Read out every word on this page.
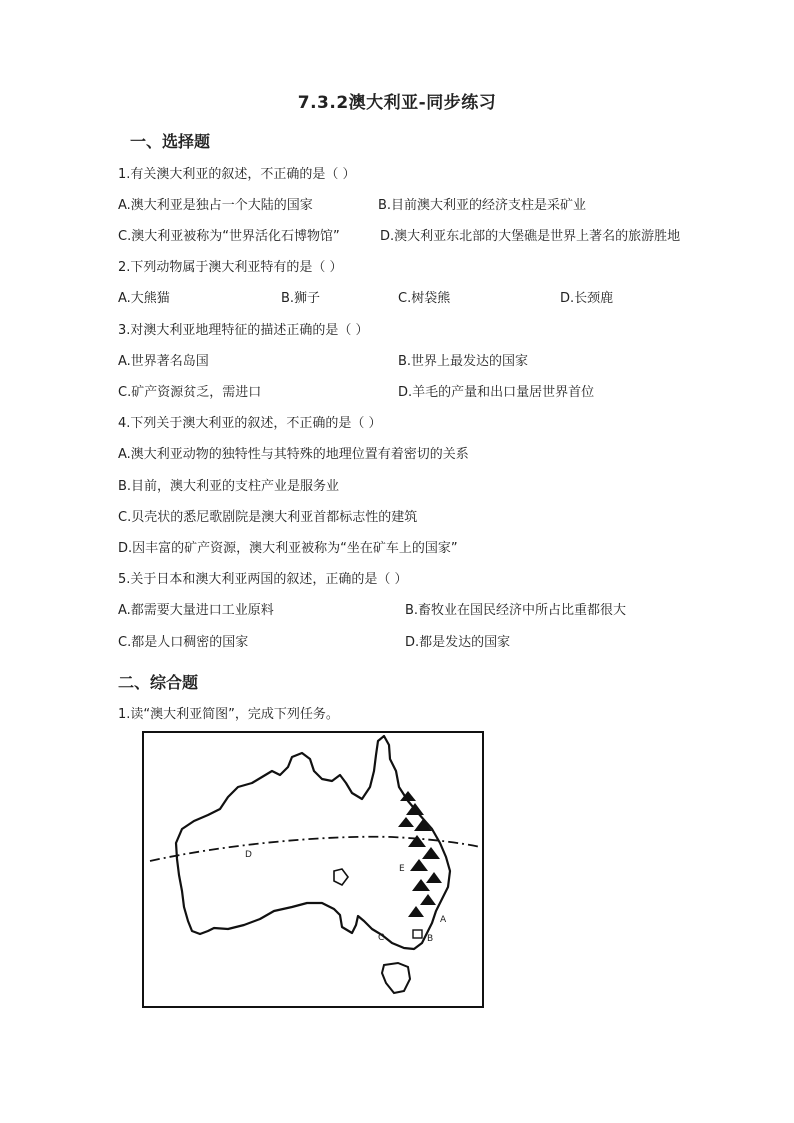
7.3.2澳大利亚-同步练习
一、选择题
1.有关澳大利亚的叙述，不正确的是（ ）
A.澳大利亚是独占一个大陆的国家	B.目前澳大利亚的经济支柱是采矿业
C.澳大利亚被称为“世界活化石博物馆”	D.澳大利亚东北部的大堡礁是世界上著名的旅游胜地
2.下列动物属于澳大利亚特有的是（ ）
A.大熊猫	B.狮子	C.树袋熊	D.长颈鹿
3.对澳大利亚地理特征的描述正确的是（ ）
A.世界著名岛国	B.世界上最发达的国家
C.矿产资源贫乏，需进口	D.羊毛的产量和出口量居世界首位
4.下列关于澳大利亚的叙述，不正确的是（ ）
A.澳大利亚动物的独特性与其特殊的地理位置有着密切的关系
B.目前，澳大利亚的支柱产业是服务业
C.贝壳状的悉尼歌剧院是澳大利亚首都标志性的建筑
D.因丰富的矿产资源，澳大利亚被称为“坐在矿车上的国家”
5.关于日本和澳大利亚两国的叙述，正确的是（ ）
A.都需要大量进口工业原料	B.畜牧业在国民经济中所占比重都很大
C.都是人口稠密的国家	D.都是发达的国家
二、综合题
1.读“澳大利亚简图”，完成下列任务。
D
E
A
B
C
